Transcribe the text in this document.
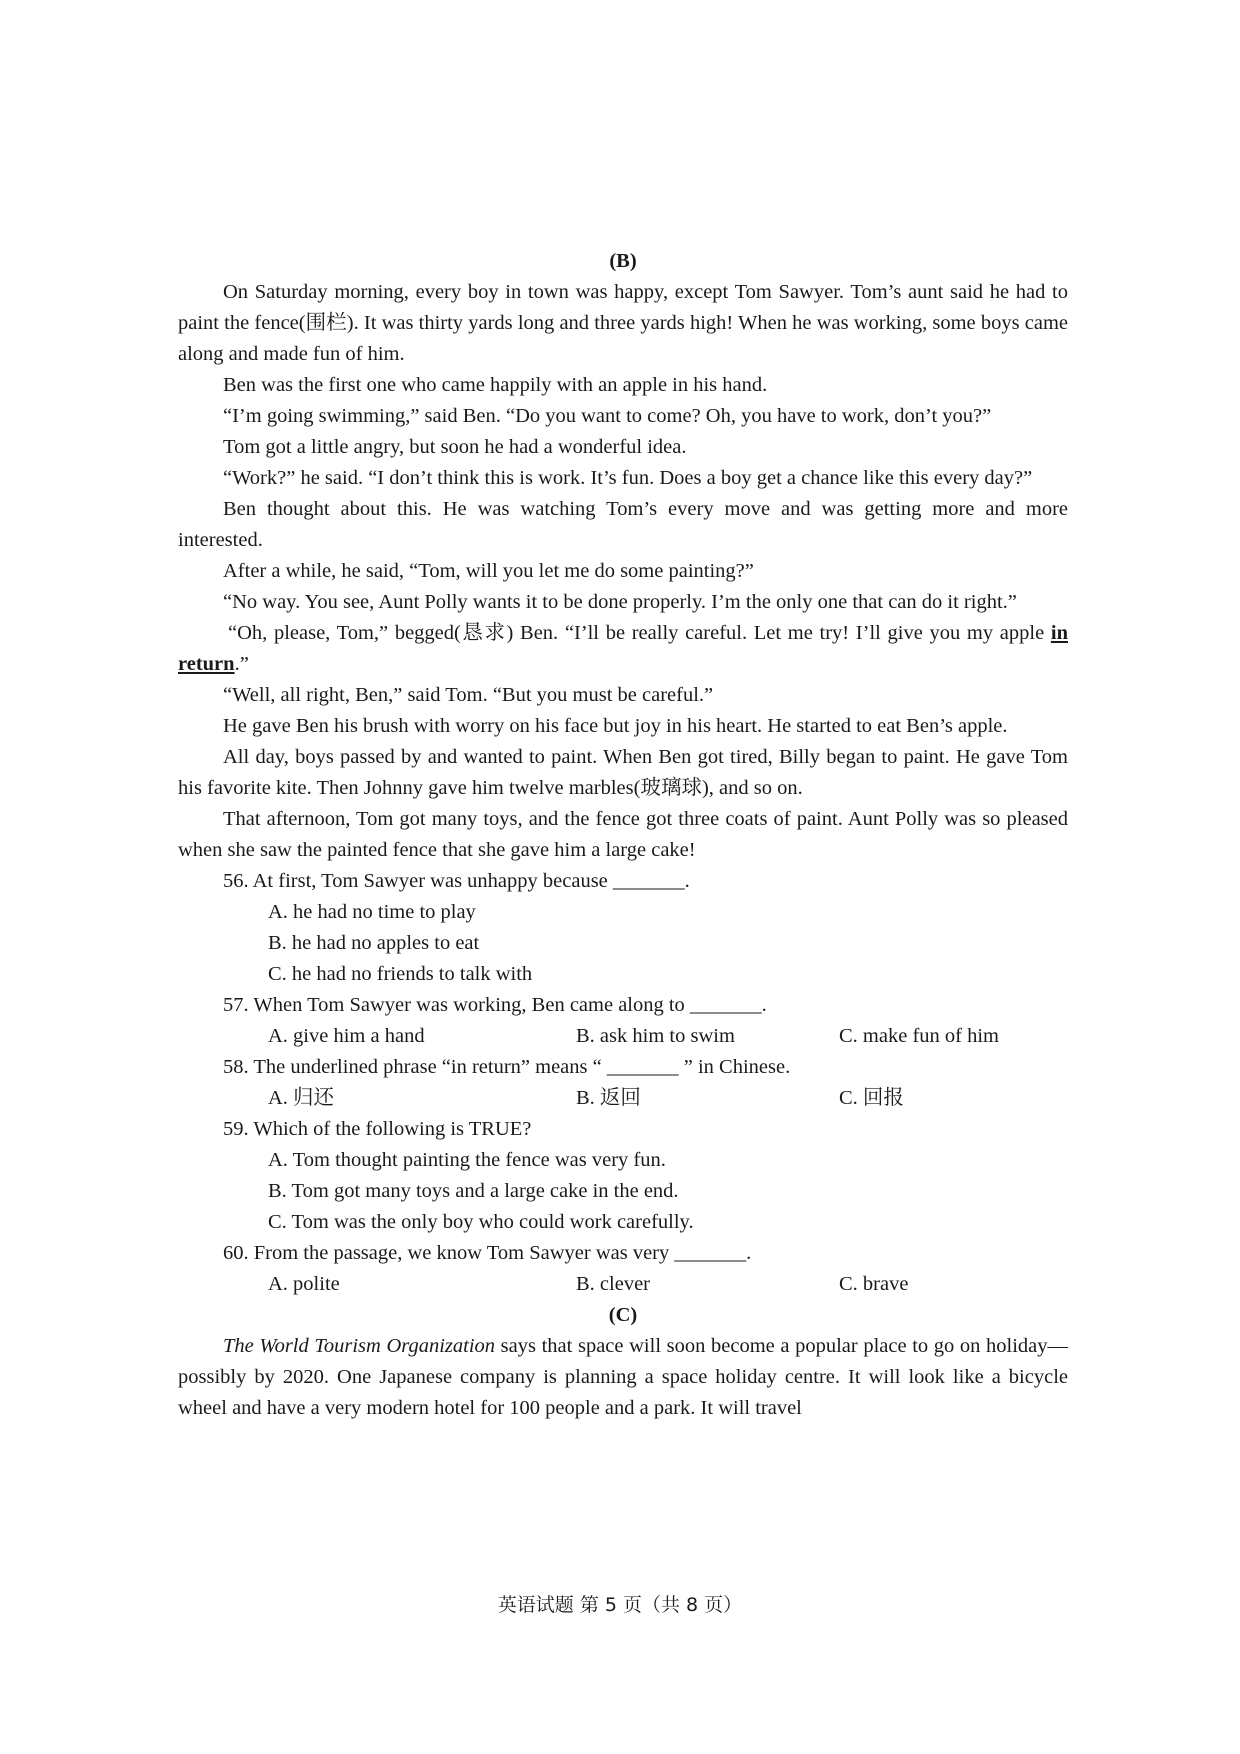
(B)

On Saturday morning, every boy in town was happy, except Tom Sawyer. Tom’s aunt said he had to paint the fence(围栏). It was thirty yards long and three yards high! When he was working, some boys came along and made fun of him.

Ben was the first one who came happily with an apple in his hand.

“I’m going swimming,” said Ben. “Do you want to come? Oh, you have to work, don’t you?”

Tom got a little angry, but soon he had a wonderful idea.

“Work?” he said. “I don’t think this is work. It’s fun. Does a boy get a chance like this every day?”

Ben thought about this. He was watching Tom’s every move and was getting more and more interested.

After a while, he said, “Tom, will you let me do some painting?”

“No way. You see, Aunt Polly wants it to be done properly. I’m the only one that can do it right.”

“Oh, please, Tom,” begged(恳求) Ben. “I’ll be really careful. Let me try! I’ll give you my apple in return.”

“Well, all right, Ben,” said Tom. “But you must be careful.”

He gave Ben his brush with worry on his face but joy in his heart. He started to eat Ben’s apple.

All day, boys passed by and wanted to paint. When Ben got tired, Billy began to paint. He gave Tom his favorite kite. Then Johnny gave him twelve marbles(玻璃球), and so on.

That afternoon, Tom got many toys, and the fence got three coats of paint. Aunt Polly was so pleased when she saw the painted fence that she gave him a large cake!

56. At first, Tom Sawyer was unhappy because _______.

A. he had no time to play

B. he had no apples to eat

C. he had no friends to talk with

57. When Tom Sawyer was working, Ben came along to _______.

A. give him a hand	B. ask him to swim	C. make fun of him

58. The underlined phrase “in return” means “ _______ ” in Chinese.

A. 归还	B. 返回	C. 回报

59. Which of the following is TRUE?

A. Tom thought painting the fence was very fun.

B. Tom got many toys and a large cake in the end.

C. Tom was the only boy who could work carefully.

60. From the passage, we know Tom Sawyer was very _______.

A. polite	B. clever	C. brave
(C)

The World Tourism Organization says that space will soon become a popular place to go on holiday—possibly by 2020. One Japanese company is planning a space holiday centre. It will look like a bicycle wheel and have a very modern hotel for 100 people and a park. It will travel

英语试题 第 5 页（共 8 页）
